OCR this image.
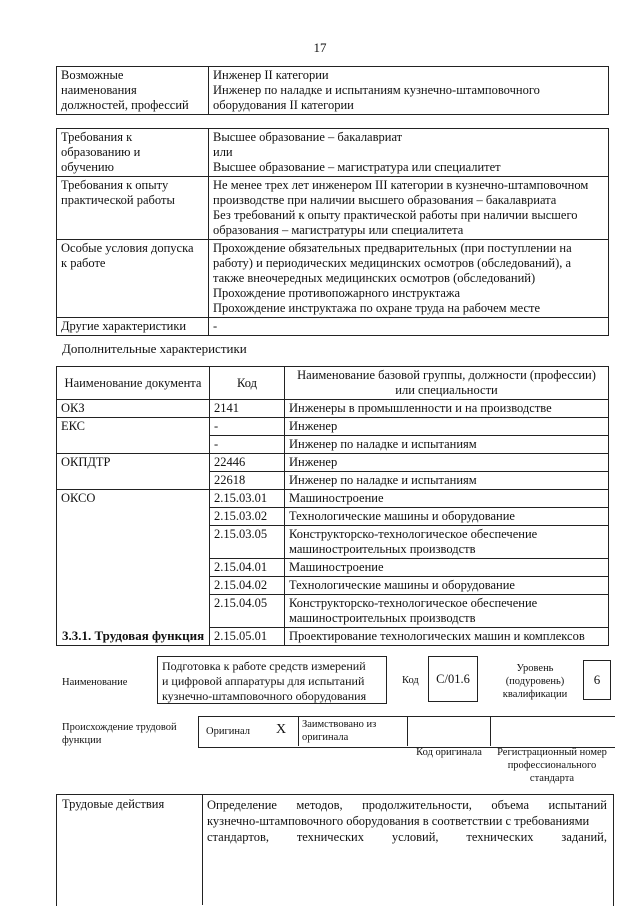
17
Возможные
наименования
должностей, профессий

Инженер II категории
Инженер по наладке и испытаниям кузнечно-штамповочного
оборудования II категории
Требования к
образованию и
обучению	Высшее образование – бакалавриат
или
Высшее образование – магистратура или специалитет

Требования к опыту
практической работы	Не менее трех лет инженером III категории в кузнечно-штамповочном
производстве при наличии высшего образования – бакалавриата
Без требований к опыту практической работы при наличии высшего
образования – магистратуры или специалитета

Особые условия допуска
к работе	Прохождение обязательных предварительных (при поступлении на
работу) и периодических медицинских осмотров (обследований), а
также внеочередных медицинских осмотров (обследований)
Прохождение противопожарного инструктажа
Прохождение инструктажа по охране труда на рабочем месте

Другие характеристики	-
Дополнительные характеристики
Наименование документа	Код	Наименование базовой группы, должности (профессии)
или специальности

ОКЗ	2141	Инженеры в промышленности и на производстве

ЕКС	-	Инженер

	-	Инженер по наладке и испытаниям

ОКПДТР	22446	Инженер

	22618	Инженер по наладке и испытаниям

ОКСО	2.15.03.01	Машиностроение

	2.15.03.02	Технологические машины и оборудование

	2.15.03.05	Конструкторско-технологическое обеспечение
машиностроительных производств

	2.15.04.01	Машиностроение

	2.15.04.02	Технологические машины и оборудование

	2.15.04.05	Конструкторско-технологическое обеспечение
машиностроительных производств

	2.15.05.01	Проектирование технологических машин и комплексов
3.3.1. Трудовая функция
Наименование
Подготовка к работе средств измерений
и цифровой аппаратуры для испытаний
кузнечно-штамповочного оборудования
Код	C/01.6
Уровень
(подуровень)
квалификации
6
Происхождение трудовой
функции
Оригинал X Заимствовано из
оригинала
Код оригинала	Регистрационный номер
профессионального
стандарта
Трудовые действия	Определение методов, продолжительности, объема испытаний
кузнечно-штамповочного оборудования в соответствии с требованиями
стандартов, технических условий, технических заданий,
